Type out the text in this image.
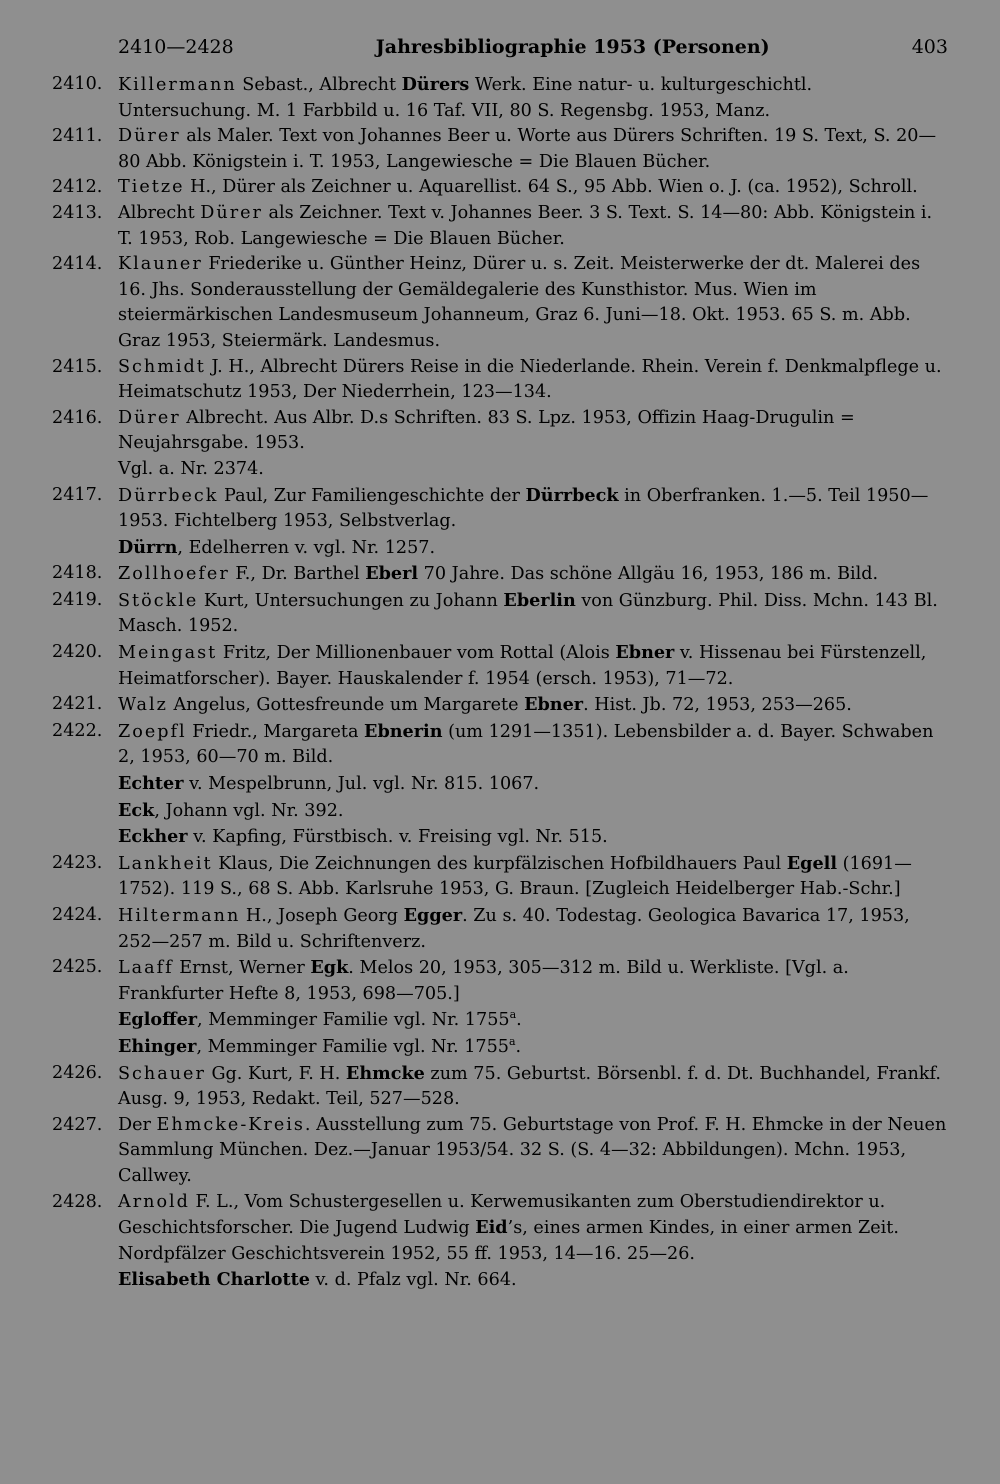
2410—2428	Jahresbibliographie 1953 (Personen)	403
2410. Killermann Sebast., Albrecht Dürers Werk. Eine natur- u. kulturgeschichtl. Untersuchung. M. 1 Farbbild u. 16 Taf. VII, 80 S. Regensbg. 1953, Manz.
2411. Dürer als Maler. Text von Johannes Beer u. Worte aus Dürers Schriften. 19 S. Text, S. 20—80 Abb. Königstein i. T. 1953, Langewiesche = Die Blauen Bücher.
2412. Tietze H., Dürer als Zeichner u. Aquarellist. 64 S., 95 Abb. Wien o. J. (ca. 1952), Schroll.
2413. Albrecht Dürer als Zeichner. Text v. Johannes Beer. 3 S. Text. S. 14—80: Abb. Königstein i. T. 1953, Rob. Langewiesche = Die Blauen Bücher.
2414. Klauner Friederike u. Günther Heinz, Dürer u. s. Zeit. Meisterwerke der dt. Malerei des 16. Jhs. Sonderausstellung der Gemäldegalerie des Kunsthistor. Mus. Wien im steiermärkischen Landesmuseum Johanneum, Graz 6. Juni—18. Okt. 1953. 65 S. m. Abb. Graz 1953, Steiermärk. Landesmus.
2415. Schmidt J. H., Albrecht Dürers Reise in die Niederlande. Rhein. Verein f. Denkmalpflege u. Heimatschutz 1953, Der Niederrhein, 123—134.
2416. Dürer Albrecht. Aus Albr. D.s Schriften. 83 S. Lpz. 1953, Offizin Haag-Drugulin = Neujahrsgabe. 1953.
Vgl. a. Nr. 2374.
2417. Dürrbeck Paul, Zur Familiengeschichte der Dürrbeck in Oberfranken. 1.—5. Teil 1950—1953. Fichtelberg 1953, Selbstverlag.
Dürrn, Edelherren v. vgl. Nr. 1257.
2418. Zollhoefer F., Dr. Barthel Eberl 70 Jahre. Das schöne Allgäu 16, 1953, 186 m. Bild.
2419. Stöckle Kurt, Untersuchungen zu Johann Eberlin von Günzburg. Phil. Diss. Mchn. 143 Bl. Masch. 1952.
2420. Meingast Fritz, Der Millionenbauer vom Rottal (Alois Ebner v. Hissenau bei Fürstenzell, Heimatforscher). Bayer. Hauskalender f. 1954 (ersch. 1953), 71—72.
2421. Walz Angelus, Gottesfreunde um Margarete Ebner. Hist. Jb. 72, 1953, 253—265.
2422. Zoepfl Friedr., Margareta Ebnerin (um 1291—1351). Lebensbilder a. d. Bayer. Schwaben 2, 1953, 60—70 m. Bild.
Echter v. Mespelbrunn, Jul. vgl. Nr. 815. 1067.
Eck, Johann vgl. Nr. 392.
Eckher v. Kapfing, Fürstbisch. v. Freising vgl. Nr. 515.
2423. Lankheit Klaus, Die Zeichnungen des kurpfälzischen Hofbildhauers Paul Egell (1691—1752). 119 S., 68 S. Abb. Karlsruhe 1953, G. Braun. [Zugleich Heidelberger Hab.-Schr.]
2424. Hiltermann H., Joseph Georg Egger. Zu s. 40. Todestag. Geologica Bavarica 17, 1953, 252—257 m. Bild u. Schriftenverz.
2425. Laaff Ernst, Werner Egk. Melos 20, 1953, 305—312 m. Bild u. Werkliste. [Vgl. a. Frankfurter Hefte 8, 1953, 698—705.]
Egloffer, Memminger Familie vgl. Nr. 1755$^a$.
Ehinger, Memminger Familie vgl. Nr. 1755$^a$.
2426. Schauer Gg. Kurt, F. H. Ehmcke zum 75. Geburtst. Börsenbl. f. d. Dt. Buchhandel, Frankf. Ausg. 9, 1953, Redakt. Teil, 527—528.
2427. Der Ehmcke-Kreis. Ausstellung zum 75. Geburtstage von Prof. F. H. Ehmcke in der Neuen Sammlung München. Dez.—Januar 1953/54. 32 S. (S. 4—32: Abbildungen). Mchn. 1953, Callwey.
2428. Arnold F. L., Vom Schustergesellen u. Kerwemusikanten zum Oberstudiendirektor u. Geschichtsforscher. Die Jugend Ludwig Eid’s, eines armen Kindes, in einer armen Zeit. Nordpfälzer Geschichtsverein 1952, 55 ff. 1953, 14—16. 25—26.
Elisabeth Charlotte v. d. Pfalz vgl. Nr. 664.
